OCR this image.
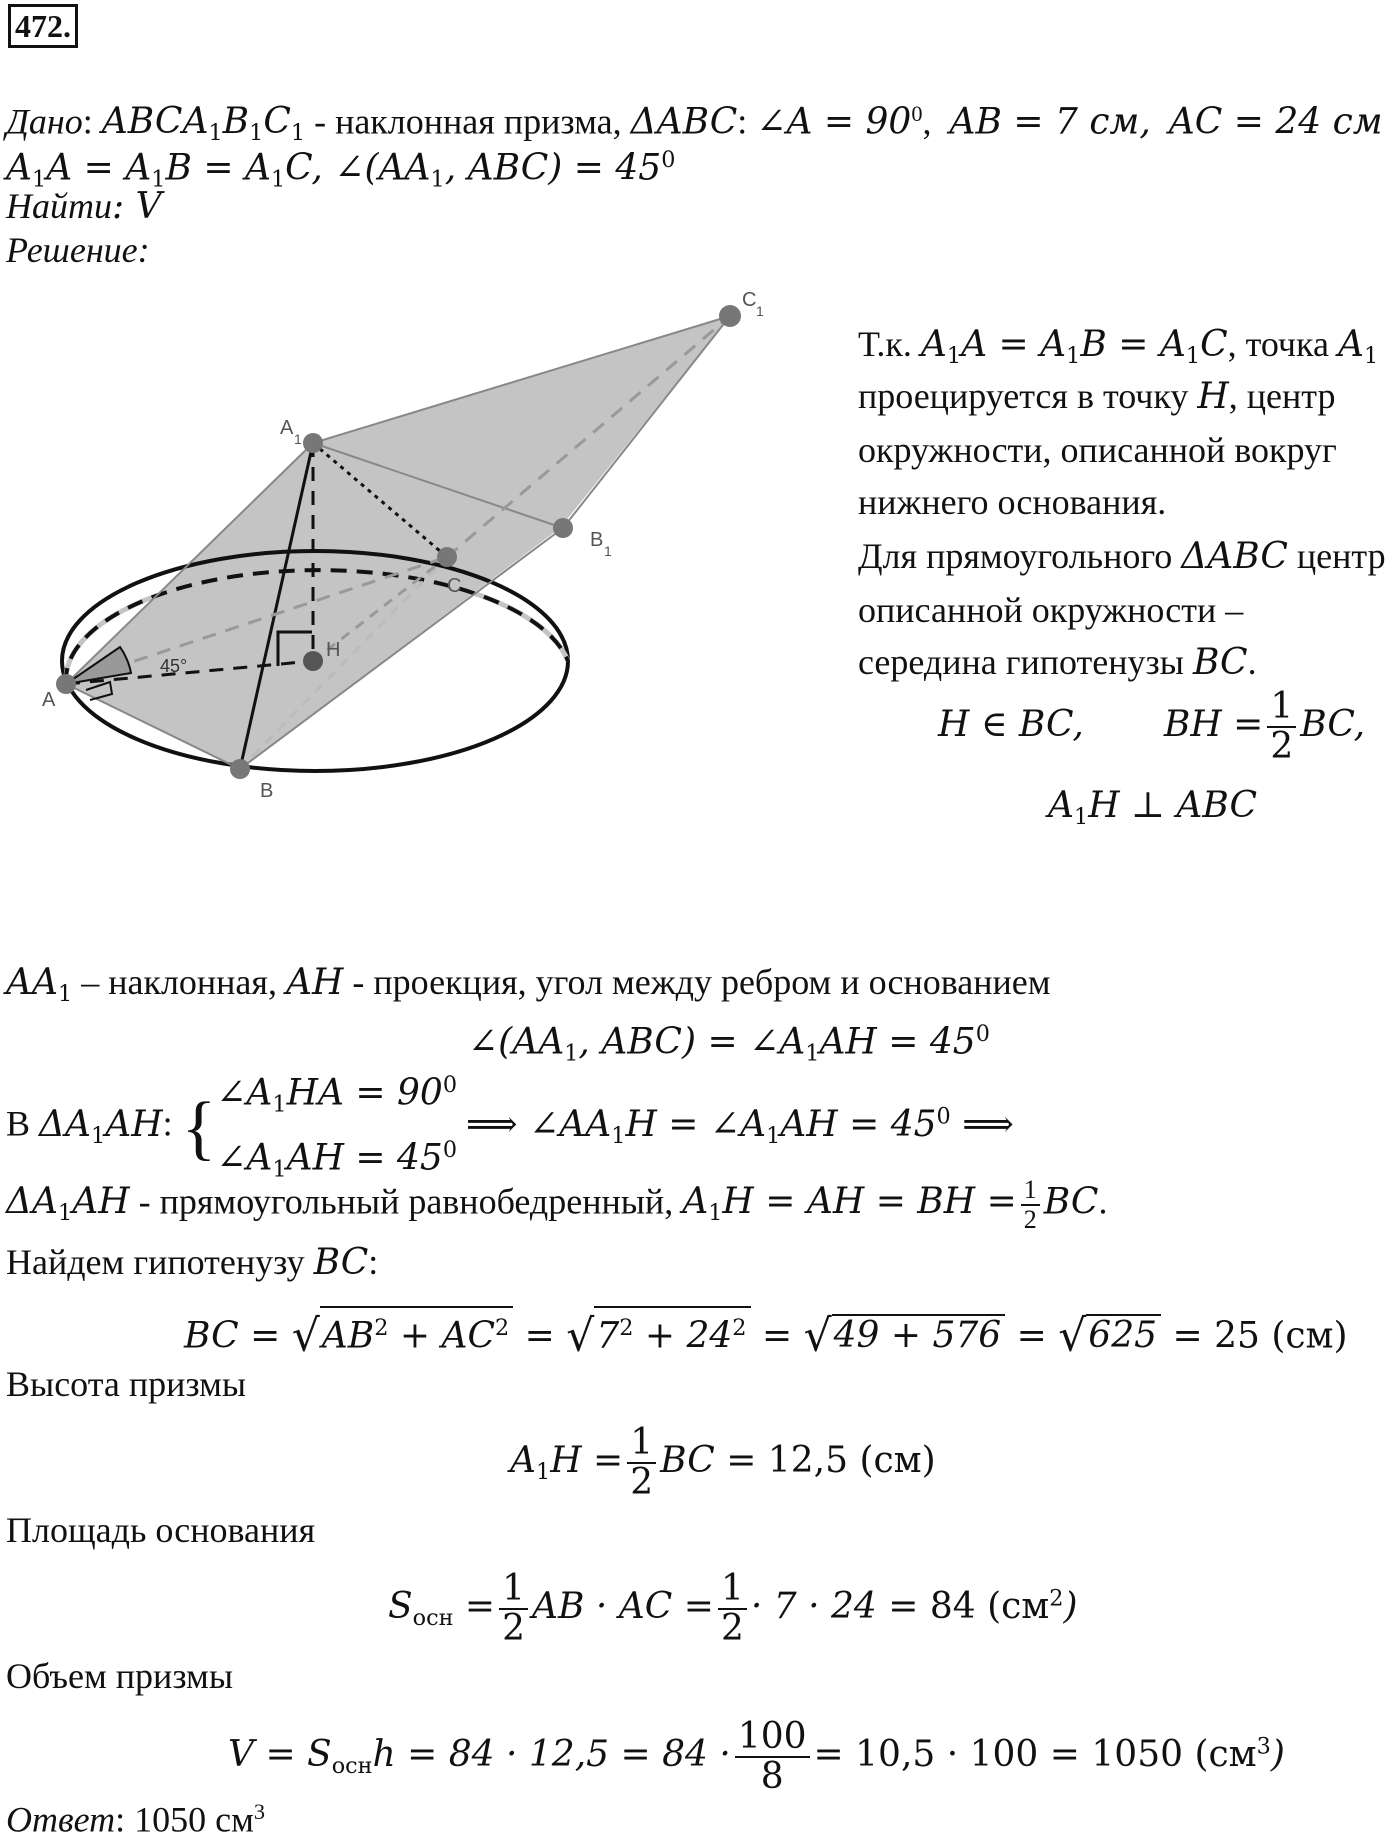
472.
Дано: $ABCA_1B_1C_1$ - наклонная призма, ΔABC: ∠A = $90^0$,  AB = 7 см, AC = 24 см
$A_1A = A_1B = A_1C$, $\angle(AA_1$, $ABC) = 45^0$
Найти: V
Решение:
A
B
C
H
A 1
B 1
C 1
45°
Т.к. $A_1A = A_1B = A_1C$, точка $A_1$
проецируется в точку H, центр
окружности, описанной вокруг
нижнего основания.
Для прямоугольного ΔABC центр
описанной окружности –
середина гипотенузы BC.
H ∈ BC,       BH = $\frac{1}{2}$ BC,
$A_1H$ ⊥ ABC
$AA_1$ – наклонная, AH - проекция, угол между ребром и основанием
$\angle(AA_1$, $ABC) = \angle A_1AH = 45^0$
В $\Delta A_1AH$: { $\angle A_1HA = 90^0$
$\angle A_1AH = 45^0$
⟹ $\angle AA_1H$ = $\angle A_1AH = 45^0$ ⟹
$\Delta A_1AH$ - прямоугольный равнобедренный, $A_1H$ = AH = BH = $\frac{1}{2}$ BC.
Найдем гипотенузу BC:
BC = $√AB^2 + AC^2 = √7^2 + 24^2 = √49 + 576 = √625 = 25$ (см)
Высота призмы
$A_1H = \frac{1}{2}$ BC = 12,5 (см)
Площадь основания
$S_{осн} = \frac{1}{2}$ AB · AC = $\frac{1}{2} \cdot 7 \cdot 24 = 84$ $(см^2)$
Объем призмы
$V = S_{осн}h = 84 \cdot 12,5 = 84 \cdot \frac{100}{8} = 10,5 \cdot 100 = 1050$ $(см^3)$
Ответ: 1050 $см^3$
